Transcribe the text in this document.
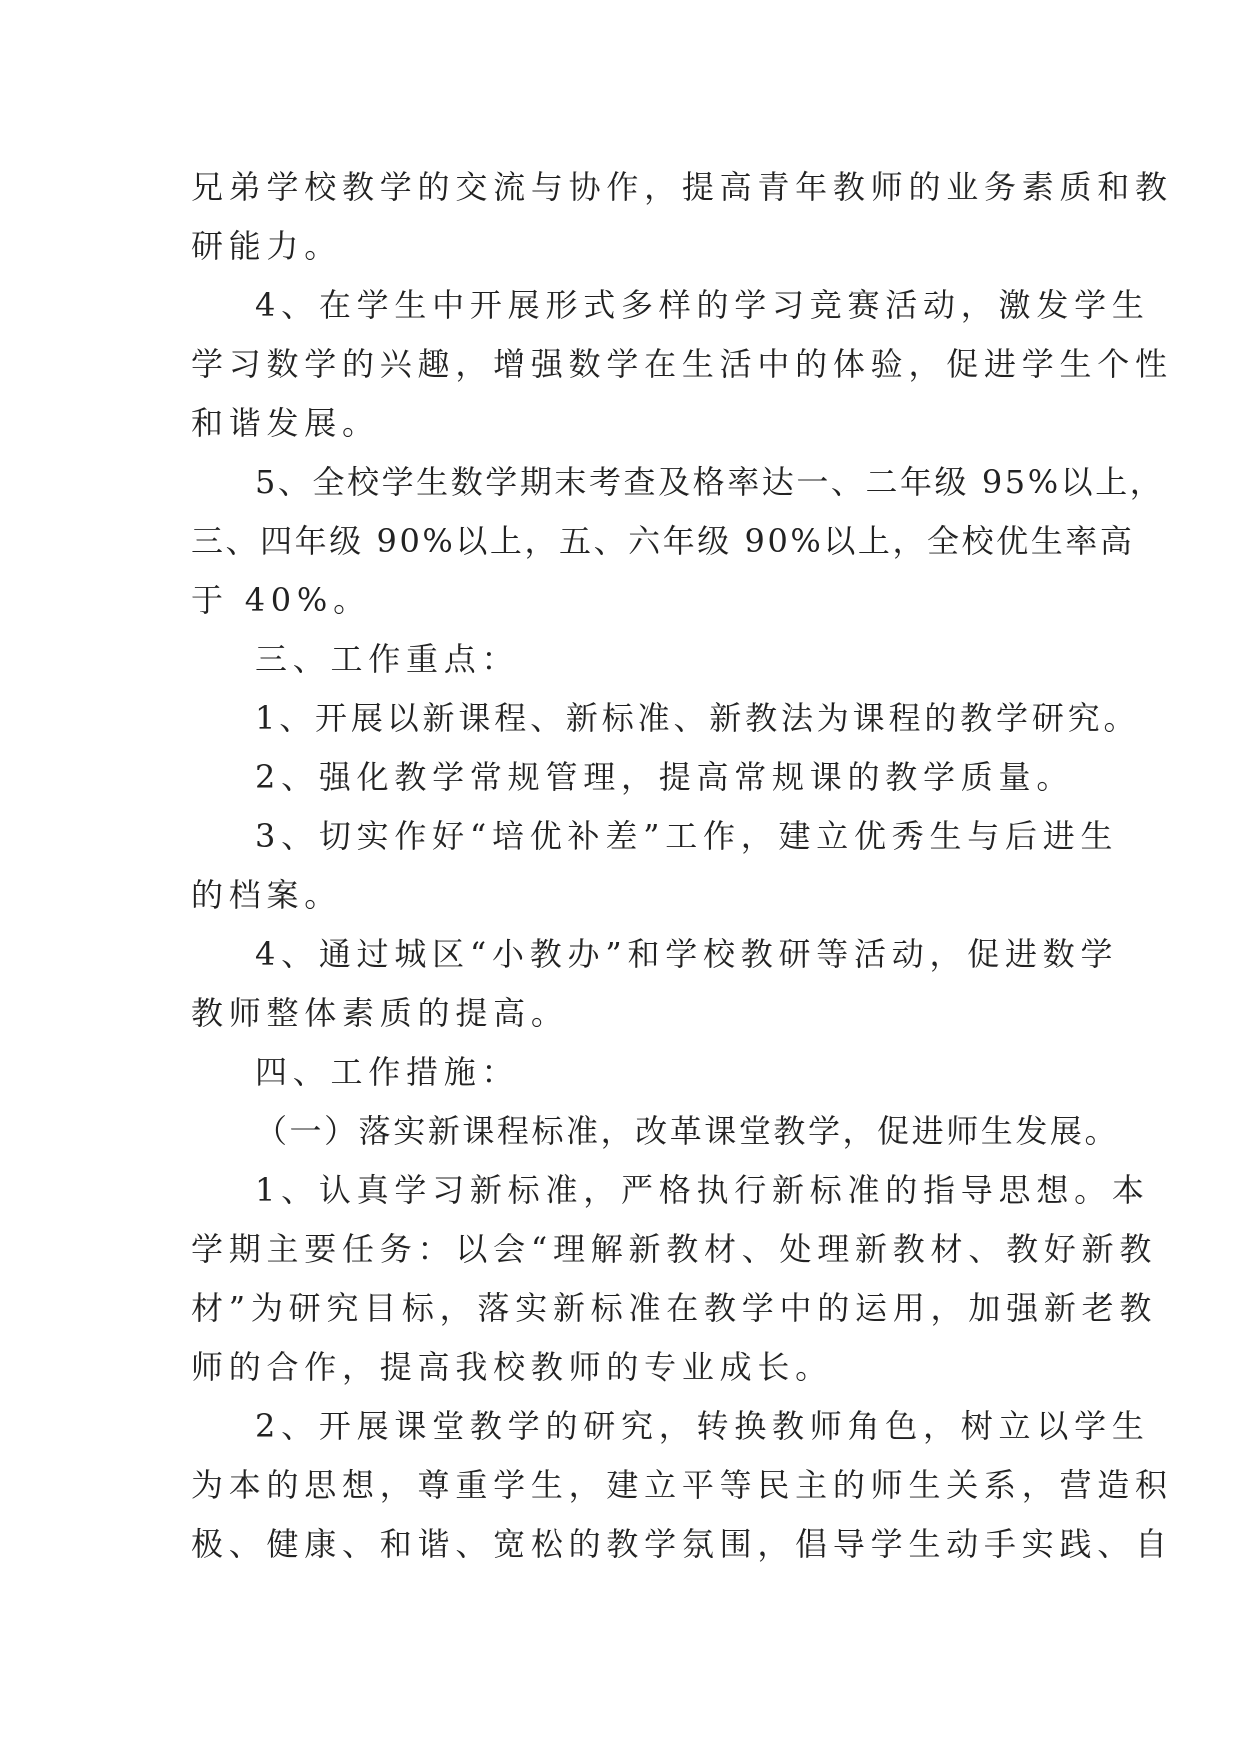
兄弟学校教学的交流与协作，提高青年教师的业务素质和教
研能力。
4、在学生中开展形式多样的学习竞赛活动，激发学生
学习数学的兴趣，增强数学在生活中的体验，促进学生个性
和谐发展。
5、全校学生数学期末考查及格率达一、二年级 95%以上，
三、四年级 90%以上，五、六年级 90%以上，全校优生率高
于 40%。
三、工作重点：
1、开展以新课程、新标准、新教法为课程的教学研究。
2、强化教学常规管理，提高常规课的教学质量。
3、切实作好“培优补差”工作，建立优秀生与后进生
的档案。
4、通过城区“小教办”和学校教研等活动，促进数学
教师整体素质的提高。
四、工作措施：
（一）落实新课程标准，改革课堂教学，促进师生发展。
1、认真学习新标准，严格执行新标准的指导思想。本
学期主要任务：以会“理解新教材、处理新教材、教好新教
材”为研究目标，落实新标准在教学中的运用，加强新老教
师的合作，提高我校教师的专业成长。
2、开展课堂教学的研究，转换教师角色，树立以学生
为本的思想，尊重学生，建立平等民主的师生关系，营造积
极、健康、和谐、宽松的教学氛围，倡导学生动手实践、自
